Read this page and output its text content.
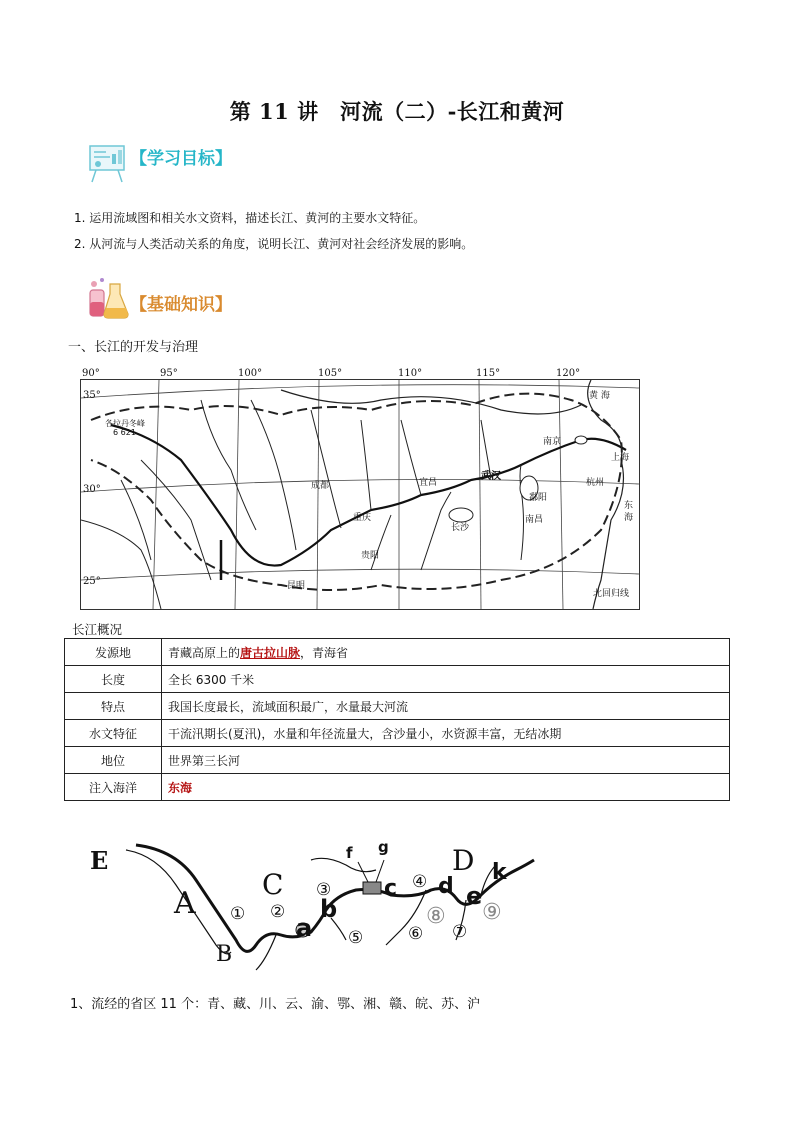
第 11 讲　河流（二）-长江和黄河
【学习目标】
1. 运用流域图和相关水文资料，描述长江、黄河的主要水文特征。
2. 从河流与人类活动关系的角度，说明长江、黄河对社会经济发展的影响。
【基础知识】
一、长江的开发与治理
90°	95°	100°	105°	110°	115°	120°
35°
30°
25°
各拉丹冬峰
6 621
成都
重庆
宜昌
武汉
南京
上海
杭州
南昌
长沙
贵阳
昆明
鄱阳
黄 海
东 海
北回归线
长江概况
发源地	青藏高原上的唐古拉山脉，青海省
长度	全长 6300 千米
特点	我国长度最长，流域面积最广，水量最大河流
水文特征	干流汛期长(夏汛)，水量和年径流量大，含沙量小，水资源丰富，无结冰期
地位	世界第三长河
注入海洋	东海
E
A
B
C
D
a
b
c d e
f g
k
① ②
③	④
⑤	⑥ ⑦
⑧ ⑨
1、流经的省区 11 个：青、藏、川、云、渝、鄂、湘、赣、皖、苏、沪
